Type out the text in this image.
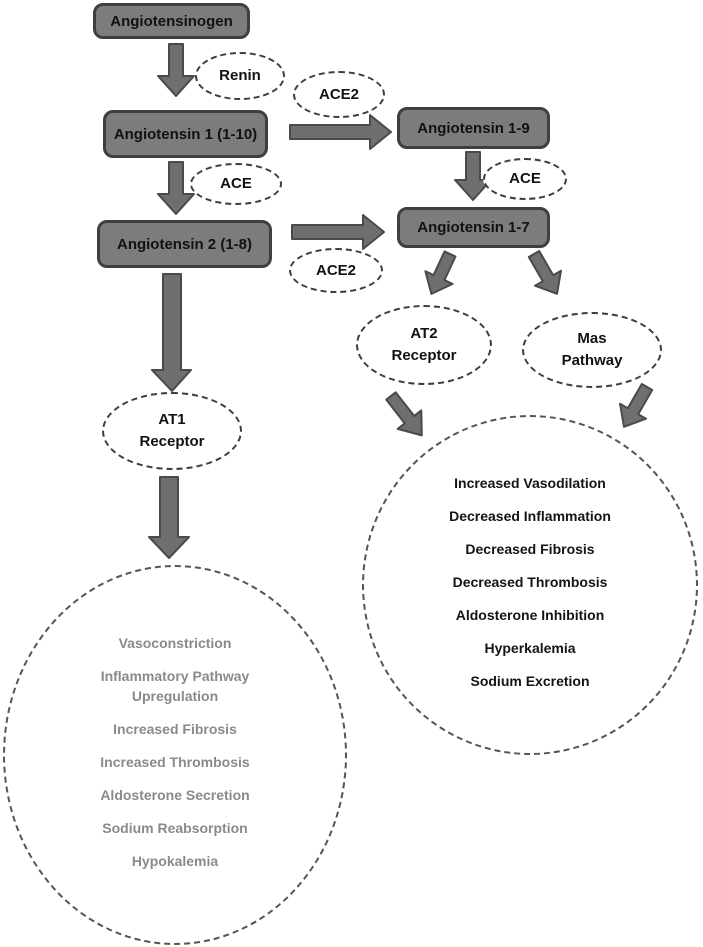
Angiotensinogen
Angiotensin 1 (1-10)	Angiotensin 1-9
Angiotensin 2 (1-8)
Angiotensin 1-7
Renin
ACE2
ACE	ACE
ACE2
AT1
Receptor
AT2
Receptor
Mas
Pathway
Increased Vasodilation
Decreased Inflammation
Decreased Fibrosis
Decreased Thrombosis
Aldosterone Inhibition
Hyperkalemia
Sodium Excretion
Vasoconstriction
Inflammatory Pathway Upregulation
Increased Fibrosis
Increased Thrombosis
Aldosterone Secretion
Sodium Reabsorption
Hypokalemia
